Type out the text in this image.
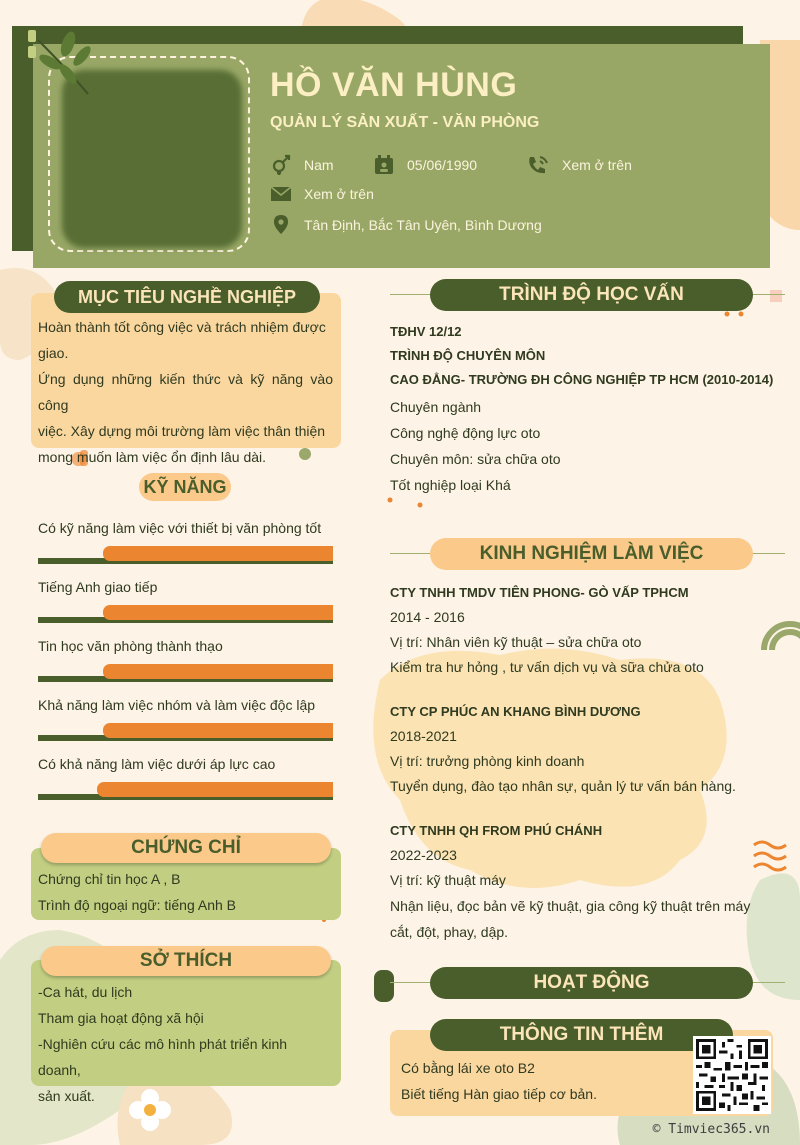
HỒ VĂN HÙNG
QUẢN LÝ SẢN XUẤT - VĂN PHÒNG
Nam	05/06/1990	Xem ở trên
Xem ở trên
Tân Định, Bắc Tân Uyên, Bình Dương
MỤC TIÊU NGHỀ NGHIỆP
Hoàn thành tốt công việc và trách nhiệm được
giao.
Ứng dụng những kiến thức và kỹ năng vào công
việc. Xây dựng môi trường làm việc thân thiện
mong muốn làm việc ổn định lâu dài.
KỸ NĂNG
Có kỹ năng làm việc với thiết bị văn phòng tốt
Tiếng Anh giao tiếp
Tin học văn phòng thành thạo
Khả năng làm việc nhóm và làm việc độc lập
Có khả năng làm việc dưới áp lực cao
CHỨNG CHỈ
Chứng chỉ tin học A , B
Trình độ ngoại ngữ: tiếng Anh B
SỞ THÍCH
-Ca hát, du lịch
Tham gia hoạt động xã hội
-Nghiên cứu các mô hình phát triển kinh doanh,
sản xuất.
TRÌNH ĐỘ HỌC VẤN
TĐHV 12/12
TRÌNH ĐỘ CHUYÊN MÔN
CAO ĐẲNG- TRƯỜNG ĐH CÔNG NGHIỆP TP HCM (2010-2014)
Chuyên ngành
Công nghệ động lực oto
Chuyên môn: sửa chữa oto
Tốt nghiệp loại Khá
KINH NGHIỆM LÀM VIỆC
CTY TNHH TMDV TIÊN PHONG- GÒ VẤP TPHCM
2014 - 2016
Vị trí: Nhân viên kỹ thuật – sửa chữa oto
Kiểm tra hư hỏng , tư vấn dịch vụ và sữa chửa oto
CTY CP PHÚC AN KHANG BÌNH DƯƠNG
2018-2021
Vị trí: trưởng phòng kinh doanh
Tuyển dụng, đào tạo nhân sự, quản lý tư vấn bán hàng.
CTY TNHH QH FROM PHÚ CHÁNH
2022-2023
Vị trí: kỹ thuật máy
Nhận liệu, đọc bản vẽ kỹ thuật, gia công kỹ thuật trên máy cắt, đột, phay, dập.
HOẠT ĐỘNG
THÔNG TIN THÊM
Có bằng lái xe oto B2
Biết tiếng Hàn giao tiếp cơ bản.
© Timviec365.vn
